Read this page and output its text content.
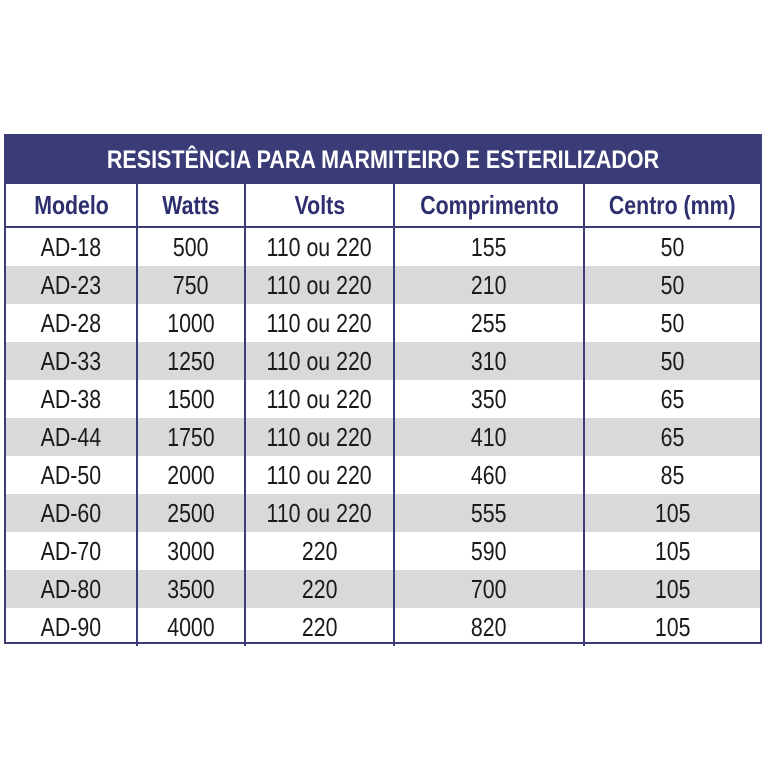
RESISTÊNCIA PARA MARMITEIRO E ESTERILIZADOR
Modelo	Watts	Volts	Comprimento	Centro (mm)
AD-18	500	110 ou 220	155	50
AD-23	750	110 ou 220	210	50
AD-28	1000	110 ou 220	255	50
AD-33	1250	110 ou 220	310	50
AD-38	1500	110 ou 220	350	65
AD-44	1750	110 ou 220	410	65
AD-50	2000	110 ou 220	460	85
AD-60	2500	110 ou 220	555	105
AD-70	3000	220	590	105
AD-80	3500	220	700	105
AD-90	4000	220	820	105
